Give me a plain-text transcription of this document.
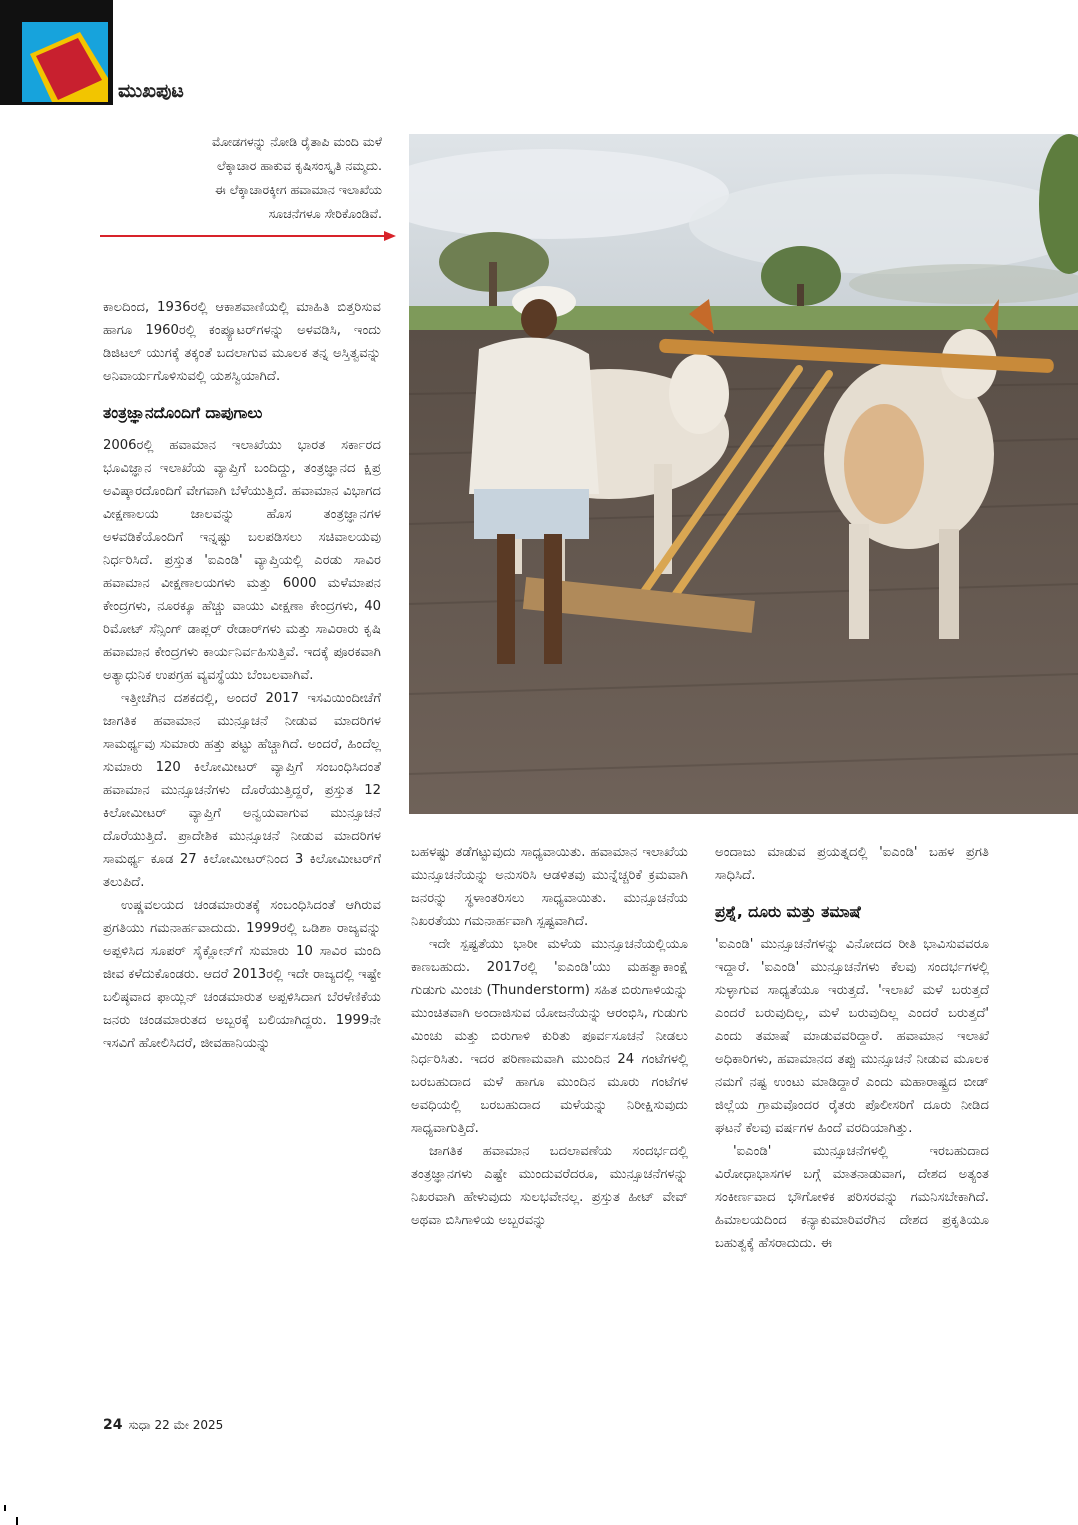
ಮುಖಪುಟ
ಮೋಡಗಳನ್ನು ನೋಡಿ ರೈತಾಪಿ ಮಂದಿ ಮಳೆ
ಲೆಕ್ಕಾಚಾರ ಹಾಕುವ ಕೃಷಿಸಂಸ್ಕೃತಿ ನಮ್ಮದು.
ಈ ಲೆಕ್ಕಾಚಾರಕ್ಕೀಗ ಹವಾಮಾನ ಇಲಾಖೆಯ
ಸೂಚನೆಗಳೂ ಸೇರಿಕೊಂಡಿವೆ.

ಕಾಲದಿಂದ, 1936ರಲ್ಲಿ ಆಕಾಶವಾಣಿಯಲ್ಲಿ ಮಾಹಿತಿ ಬಿತ್ತರಿಸುವ ಹಾಗೂ 1960ರಲ್ಲಿ ಕಂಪ್ಯೂಟರ್‌ಗಳನ್ನು ಅಳವಡಿಸಿ, ಇಂದು ಡಿಜಿಟಲ್ ಯುಗಕ್ಕೆ ತಕ್ಕಂತೆ ಬದಲಾಗುವ ಮೂಲಕ ತನ್ನ ಅಸ್ತಿತ್ವವನ್ನು ಅನಿವಾರ್ಯಗೊಳಿಸುವಲ್ಲಿ ಯಶಸ್ವಿಯಾಗಿದೆ.

ತಂತ್ರಜ್ಞಾನದೊಂದಿಗೆ ದಾಪುಗಾಲು

2006ರಲ್ಲಿ ಹವಾಮಾನ ಇಲಾಖೆಯು ಭಾರತ ಸರ್ಕಾರದ ಭೂವಿಜ್ಞಾನ ಇಲಾಖೆಯ ವ್ಯಾಪ್ತಿಗೆ ಬಂದಿದ್ದು, ತಂತ್ರಜ್ಞಾನದ ಕ್ಷಿಪ್ರ ಅವಿಷ್ಕಾರದೊಂದಿಗೆ ವೇಗವಾಗಿ ಬೆಳೆಯುತ್ತಿದೆ. ಹವಾಮಾನ ವಿಭಾಗದ ವೀಕ್ಷಣಾಲಯ ಜಾಲವನ್ನು ಹೊಸ ತಂತ್ರಜ್ಞಾನಗಳ ಅಳವಡಿಕೆಯೊಂದಿಗೆ ಇನ್ನಷ್ಟು ಬಲಪಡಿಸಲು ಸಚಿವಾಲಯವು ನಿರ್ಧರಿಸಿದೆ. ಪ್ರಸ್ತುತ 'ಐಎಂಡಿ' ವ್ಯಾಪ್ತಿಯಲ್ಲಿ ಎರಡು ಸಾವಿರ ಹವಾಮಾನ ವೀಕ್ಷಣಾಲಯಗಳು ಮತ್ತು 6000 ಮಳೆಮಾಪನ ಕೇಂದ್ರಗಳು, ನೂರಕ್ಕೂ ಹೆಚ್ಚು ವಾಯು ವೀಕ್ಷಣಾ ಕೇಂದ್ರಗಳು, 40 ರಿಮೋಟ್ ಸೆನ್ಸಿಂಗ್ ಡಾಪ್ಲರ್ ರೇಡಾರ್‌ಗಳು ಮತ್ತು ಸಾವಿರಾರು ಕೃಷಿ ಹವಾಮಾನ ಕೇಂದ್ರಗಳು ಕಾರ್ಯನಿರ್ವಹಿಸುತ್ತಿವೆ. ಇದಕ್ಕೆ ಪೂರಕವಾಗಿ ಅತ್ಯಾಧುನಿಕ ಉಪಗ್ರಹ ವ್ಯವಸ್ಥೆಯು ಬೆಂಬಲವಾಗಿವೆ.

ಇತ್ತೀಚೆಗಿನ ದಶಕದಲ್ಲಿ, ಅಂದರೆ 2017 ಇಸವಿಯಿಂದೀಚೆಗೆ ಜಾಗತಿಕ ಹವಾಮಾನ ಮುನ್ಸೂಚನೆ ನೀಡುವ ಮಾದರಿಗಳ ಸಾಮರ್ಥ್ಯವು ಸುಮಾರು ಹತ್ತು ಪಟ್ಟು ಹೆಚ್ಚಾಗಿದೆ. ಅಂದರೆ, ಹಿಂದೆಲ್ಲ ಸುಮಾರು 120 ಕಿಲೋಮೀಟರ್ ವ್ಯಾಪ್ತಿಗೆ ಸಂಬಂಧಿಸಿದಂತೆ ಹವಾಮಾನ ಮುನ್ಸೂಚನೆಗಳು ದೊರೆಯುತ್ತಿದ್ದರೆ, ಪ್ರಸ್ತುತ 12 ಕಿಲೋಮೀಟರ್ ವ್ಯಾಪ್ತಿಗೆ ಅನ್ವಯವಾಗುವ ಮುನ್ಸೂಚನೆ ದೊರೆಯುತ್ತಿದೆ. ಪ್ರಾದೇಶಿಕ ಮುನ್ಸೂಚನೆ ನೀಡುವ ಮಾದರಿಗಳ ಸಾಮರ್ಥ್ಯ ಕೂಡ 27 ಕಿಲೋಮೀಟರ್‌ನಿಂದ 3 ಕಿಲೋಮೀಟರ್‌ಗೆ ತಲುಪಿದೆ.

ಉಷ್ಣವಲಯದ ಚಂಡಮಾರುತಕ್ಕೆ ಸಂಬಂಧಿಸಿದಂತೆ ಆಗಿರುವ ಪ್ರಗತಿಯು ಗಮನಾರ್ಹವಾದುದು. 1999ರಲ್ಲಿ ಒಡಿಶಾ ರಾಜ್ಯವನ್ನು ಅಪ್ಪಳಿಸಿದ ಸೂಪರ್ ಸೈಕ್ಲೋನ್‌ಗೆ ಸುಮಾರು 10 ಸಾವಿರ ಮಂದಿ ಜೀವ ಕಳೆದುಕೊಂಡರು. ಆದರೆ 2013ರಲ್ಲಿ ಇದೇ ರಾಜ್ಯದಲ್ಲಿ ಇಷ್ಟೇ ಬಲಿಷ್ಠವಾದ ಫಾಯ್ಲಿನ್ ಚಂಡಮಾರುತ ಅಪ್ಪಳಿಸಿದಾಗ ಬೆರಳೆಣಿಕೆಯ ಜನರು ಚಂಡಮಾರುತದ ಅಬ್ಬರಕ್ಕೆ ಬಲಿಯಾಗಿದ್ದರು. 1999ನೇ ಇಸವಿಗೆ ಹೋಲಿಸಿದರೆ, ಜೀವಹಾನಿಯನ್ನು

ಬಹಳಷ್ಟು ತಡೆಗಟ್ಟುವುದು ಸಾಧ್ಯವಾಯಿತು. ಹವಾಮಾನ ಇಲಾಖೆಯ ಮುನ್ಸೂಚನೆಯನ್ನು ಅನುಸರಿಸಿ ಆಡಳಿತವು ಮುನ್ನೆಚ್ಚರಿಕೆ ಕ್ರಮವಾಗಿ ಜನರನ್ನು ಸ್ಥಳಾಂತರಿಸಲು ಸಾಧ್ಯವಾಯಿತು. ಮುನ್ಸೂಚನೆಯ ನಿಖರತೆಯು ಗಮನಾರ್ಹವಾಗಿ ಸ್ಪಷ್ಟವಾಗಿದೆ.

ಇದೇ ಸ್ಪಷ್ಟತೆಯು ಭಾರೀ ಮಳೆಯ ಮುನ್ಸೂಚನೆಯಲ್ಲಿಯೂ ಕಾಣಬಹುದು. 2017ರಲ್ಲಿ 'ಐಎಂಡಿ'ಯು ಮಹತ್ವಾಕಾಂಕ್ಷೆ ಗುಡುಗು ಮಿಂಚು (Thunderstorm) ಸಹಿತ ಬಿರುಗಾಳಿಯನ್ನು ಮುಂಚಿತವಾಗಿ ಅಂದಾಜಿಸುವ ಯೋಜನೆಯನ್ನು ಆರಂಭಿಸಿ, ಗುಡುಗು ಮಿಂಚು ಮತ್ತು ಬಿರುಗಾಳಿ ಕುರಿತು ಪೂರ್ವಸೂಚನೆ ನೀಡಲು ನಿರ್ಧರಿಸಿತು. ಇದರ ಪರಿಣಾಮವಾಗಿ ಮುಂದಿನ 24 ಗಂಟೆಗಳಲ್ಲಿ ಬರಬಹುದಾದ ಮಳೆ ಹಾಗೂ ಮುಂದಿನ ಮೂರು ಗಂಟೆಗಳ ಅವಧಿಯಲ್ಲಿ ಬರಬಹುದಾದ ಮಳೆಯನ್ನು ನಿರೀಕ್ಷಿಸುವುದು ಸಾಧ್ಯವಾಗುತ್ತಿದೆ.

ಜಾಗತಿಕ ಹವಾಮಾನ ಬದಲಾವಣೆಯ ಸಂದರ್ಭದಲ್ಲಿ ತಂತ್ರಜ್ಞಾನಗಳು ಎಷ್ಟೇ ಮುಂದುವರೆದರೂ, ಮುನ್ಸೂಚನೆಗಳನ್ನು ನಿಖರವಾಗಿ ಹೇಳುವುದು ಸುಲಭವೇನಲ್ಲ. ಪ್ರಸ್ತುತ ಹೀಟ್ ವೇವ್ ಅಥವಾ ಬಿಸಿಗಾಳಿಯ ಅಬ್ಬರವನ್ನು

ಅಂದಾಜು ಮಾಡುವ ಪ್ರಯತ್ನದಲ್ಲಿ 'ಐಎಂಡಿ' ಬಹಳ ಪ್ರಗತಿ ಸಾಧಿಸಿದೆ.

ಪ್ರಶ್ನೆ, ದೂರು ಮತ್ತು ತಮಾಷೆ

'ಐಎಂಡಿ' ಮುನ್ಸೂಚನೆಗಳನ್ನು ವಿನೋದದ ರೀತಿ ಭಾವಿಸುವವರೂ ಇದ್ದಾರೆ. 'ಐಎಂಡಿ' ಮುನ್ಸೂಚನೆಗಳು ಕೆಲವು ಸಂದರ್ಭಗಳಲ್ಲಿ ಸುಳ್ಳಾಗುವ ಸಾಧ್ಯತೆಯೂ ಇರುತ್ತದೆ. 'ಇಲಾಖೆ ಮಳೆ ಬರುತ್ತದೆ ಎಂದರೆ ಬರುವುದಿಲ್ಲ, ಮಳೆ ಬರುವುದಿಲ್ಲ ಎಂದರೆ ಬರುತ್ತದೆ' ಎಂದು ತಮಾಷೆ ಮಾಡುವವರಿದ್ದಾರೆ. ಹವಾಮಾನ ಇಲಾಖೆ ಅಧಿಕಾರಿಗಳು, ಹವಾಮಾನದ ತಪ್ಪು ಮುನ್ಸೂಚನೆ ನೀಡುವ ಮೂಲಕ ನಮಗೆ ನಷ್ಟ ಉಂಟು ಮಾಡಿದ್ದಾರೆ ಎಂದು ಮಹಾರಾಷ್ಟ್ರದ ಬೀಡ್ ಜಿಲ್ಲೆಯ ಗ್ರಾಮವೊಂದರ ರೈತರು ಪೊಲೀಸರಿಗೆ ದೂರು ನೀಡಿದ ಘಟನೆ ಕೆಲವು ವರ್ಷಗಳ ಹಿಂದೆ ವರದಿಯಾಗಿತ್ತು.

'ಐಎಂಡಿ' ಮುನ್ಸೂಚನೆಗಳಲ್ಲಿ ಇರಬಹುದಾದ ವಿರೋಧಾಭಾಸಗಳ ಬಗ್ಗೆ ಮಾತನಾಡುವಾಗ, ದೇಶದ ಅತ್ಯಂತ ಸಂಕೀರ್ಣವಾದ ಭೌಗೋಳಿಕ ಪರಿಸರವನ್ನು ಗಮನಿಸಬೇಕಾಗಿದೆ. ಹಿಮಾಲಯದಿಂದ ಕನ್ಯಾಕುಮಾರಿವರೆಗಿನ ದೇಶದ ಪ್ರಕೃತಿಯೂ ಬಹುತ್ವಕ್ಕೆ ಹೆಸರಾದುದು. ಈ

24 ಸುಧಾ 22 ಮೇ 2025
